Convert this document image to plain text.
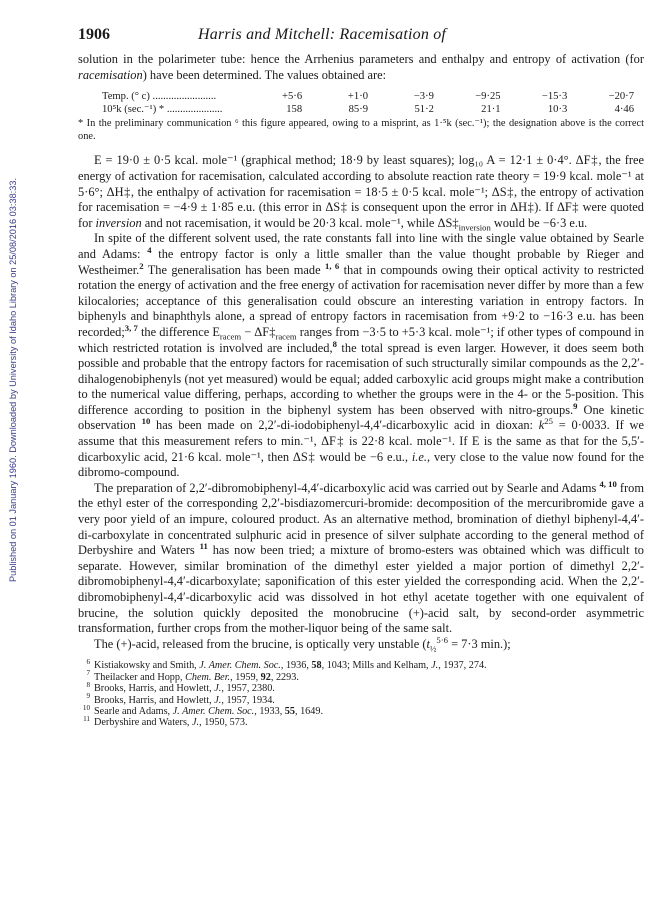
Published on 01 January 1960. Downloaded by University of Idaho Library on 25/08/2016 03:38:33.
1906	Harris and Mitchell: Racemisation of

solution in the polarimeter tube: hence the Arrhenius parameters and enthalpy and entropy of activation (for racemisation) have been determined. The values obtained are:

Temp. (° c) ........................	+5·6	+1·0	−3·9	−9·25	−15·3	−20·7
10⁵k (sec.⁻¹) * .....................	158	85·9	51·2	21·1	10·3	4·46

* In the preliminary communication ⁶ this figure appeared, owing to a misprint, as 1·⁵k (sec.⁻¹); the designation above is the correct one.

E = 19·0 ± 0·5 kcal. mole⁻¹ (graphical method; 18·9 by least squares); log₁₀ A = 12·1 ± 0·4°. ΔF‡, the free energy of activation for racemisation, calculated according to absolute reaction rate theory = 19·9 kcal. mole⁻¹ at 5·6°; ΔH‡, the enthalpy of activation for racemisation = 18·5 ± 0·5 kcal. mole⁻¹; ΔS‡, the entropy of activation for racemisation = −4·9 ± 1·85 e.u. (this error in ΔS‡ is consequent upon the error in ΔH‡). If ΔF‡ were quoted for inversion and not racemisation, it would be 20·3 kcal. mole⁻¹, while $\Delta S\ddagger_{inversion}$ would be −6·3 e.u.

In spite of the different solvent used, the rate constants fall into line with the single value obtained by Searle and Adams: $^4$ the entropy factor is only a little smaller than the value thought probable by Rieger and Westheimer.$^2$ The generalisation has been made $^{1, 6}$ that in compounds owing their optical activity to restricted rotation the energy of activation and the free energy of activation for racemisation never differ by more than a few kilocalories; acceptance of this generalisation could obscure an interesting variation in entropy factors. In biphenyls and binaphthyls alone, a spread of entropy factors in racemisation from +9·2 to −16·3 e.u. has been recorded;$^{3, 7}$ the difference $E_{racem}$ − $\Delta F\ddagger_{racem}$ ranges from −3·5 to +5·3 kcal. mole⁻¹; if other types of compound in which restricted rotation is involved are included,$^8$ the total spread is even larger. However, it does seem both possible and probable that the entropy factors for racemisation of such structurally similar compounds as the 2,2′-dihalogenobiphenyls (not yet measured) would be equal; added carboxylic acid groups might make a contribution to the numerical value differing, perhaps, according to whether the groups were in the 4- or the 5-position. This difference according to position in the biphenyl system has been observed with nitro-groups.$^9$ One kinetic observation $^{10}$ has been made on 2,2′-di-iodobiphenyl-4,4′-dicarboxylic acid in dioxan: $k^{25} = 0\cdot 0033$. If we assume that this measurement refers to min.⁻¹, ΔF‡ is 22·8 kcal. mole⁻¹. If E is the same as that for the 5,5′-dicarboxylic acid, 21·6 kcal. mole⁻¹, then ΔS‡ would be −6 e.u., i.e., very close to the value now found for the dibromo-compound.

The preparation of 2,2′-dibromobiphenyl-4,4′-dicarboxylic acid was carried out by Searle and Adams $^{4, 10}$ from the ethyl ester of the corresponding 2,2′-bisdiazomercuri-bromide: decomposition of the mercuribromide gave a very poor yield of an impure, coloured product. As an alternative method, bromination of diethyl biphenyl-4,4′-di-carboxylate in concentrated sulphuric acid in presence of silver sulphate according to the general method of Derbyshire and Waters $^{11}$ has now been tried; a mixture of bromo-esters was obtained which was difficult to separate. However, similar bromination of the dimethyl ester yielded a major portion of dimethyl 2,2′-dibromobiphenyl-4,4′-dicarboxylate; saponification of this ester yielded the corresponding acid. When the 2,2′-dibromobiphenyl-4,4′-dicarboxylic acid was dissolved in hot ethyl acetate together with one equivalent of brucine, the solution quickly deposited the monobrucine (+)-acid salt, by second-order asymmetric transformation, further crops from the mother-liquor being of the same salt.

The (+)-acid, released from the brucine, is optically very unstable ($t_{\frac{1}{2}}^{5\cdot 6} = 7\cdot 3$ min.);

$^6$ Kistiakowsky and Smith, J. Amer. Chem. Soc., 1936, 58, 1043; Mills and Kelham, J., 1937, 274.

$^7$ Theilacker and Hopp, Chem. Ber., 1959, 92, 2293.

$^8$ Brooks, Harris, and Howlett, J., 1957, 2380.

$^9$ Brooks, Harris, and Howlett, J., 1957, 1934.

$^{10}$ Searle and Adams, J. Amer. Chem. Soc., 1933, 55, 1649.

$^{11}$ Derbyshire and Waters, J., 1950, 573.
